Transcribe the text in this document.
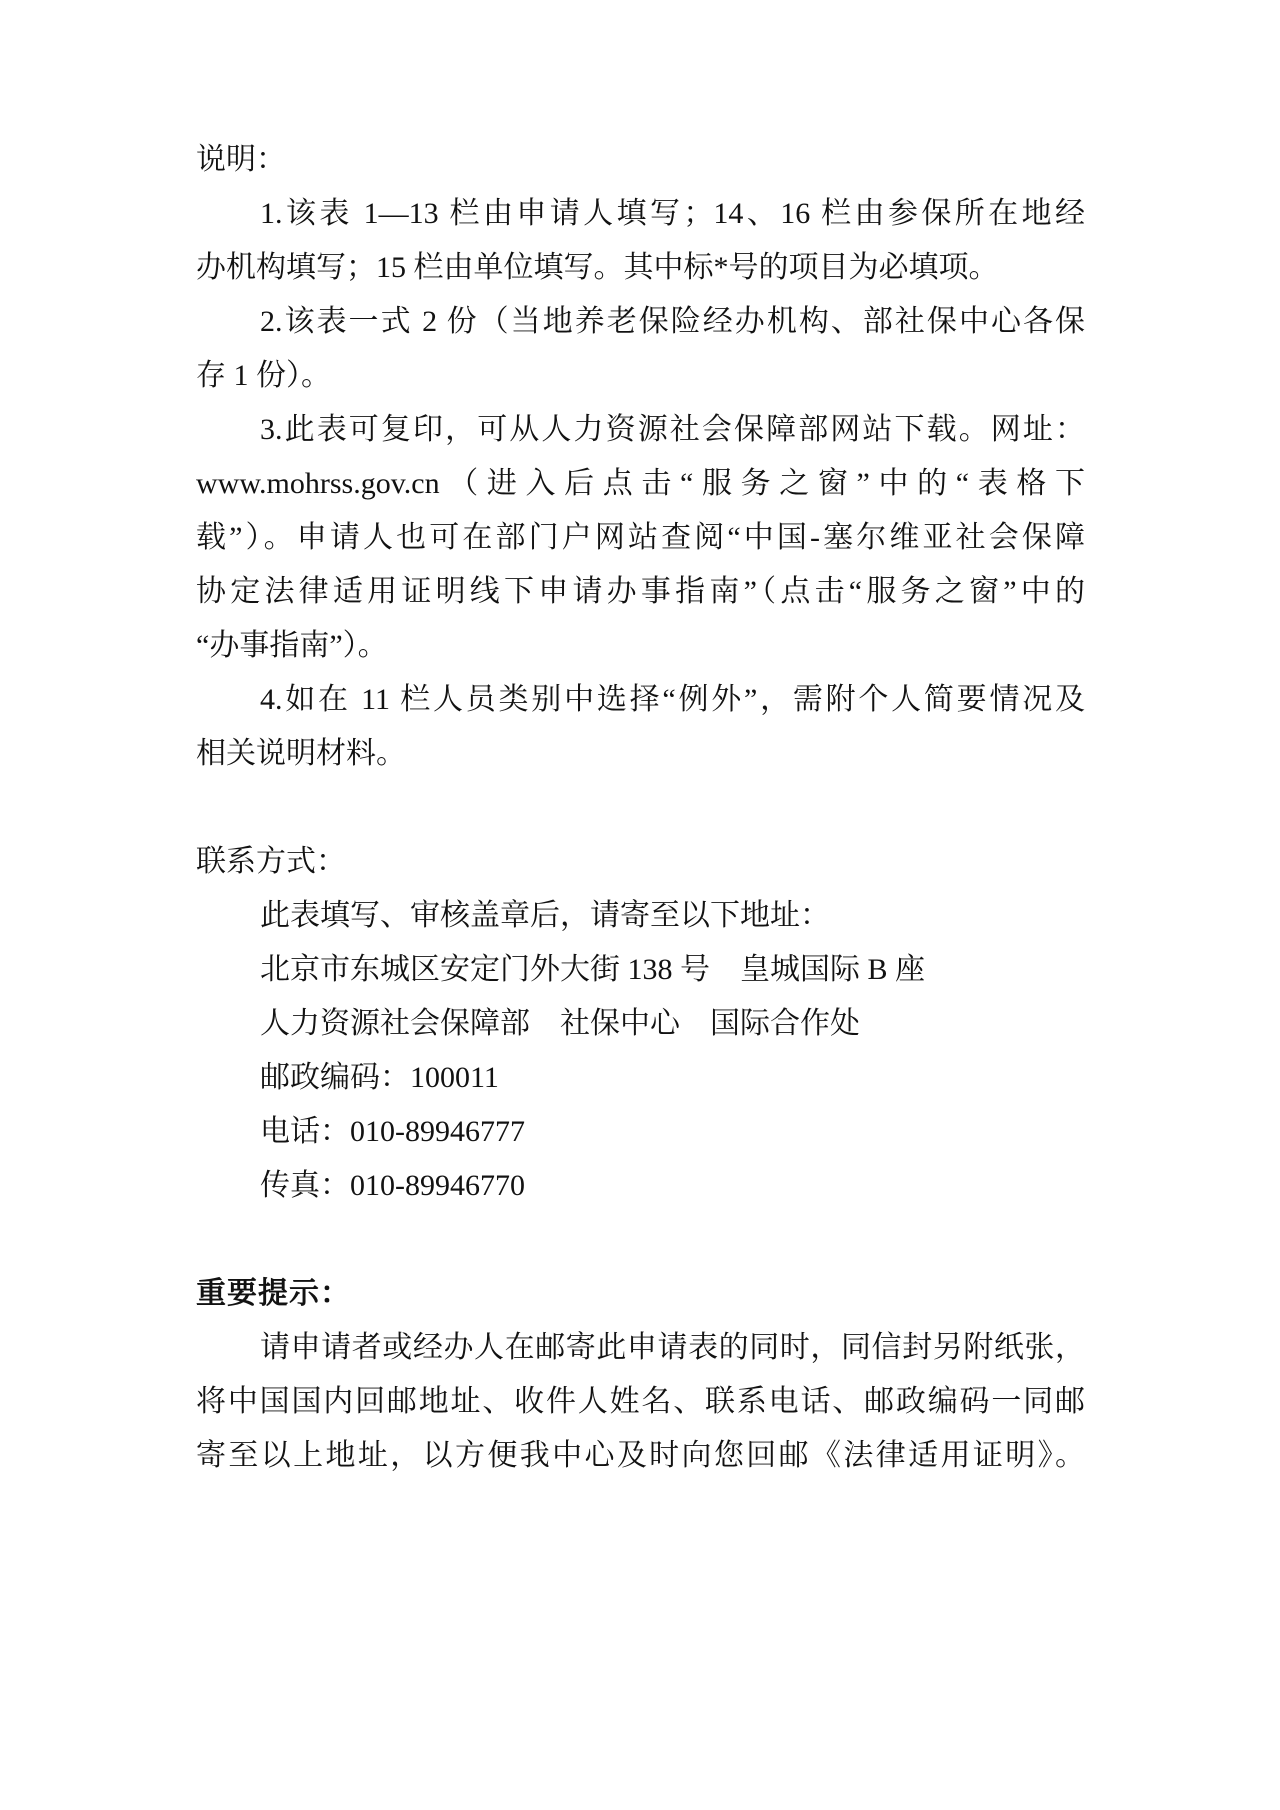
说明：
1.该表 1—13 栏由申请人填写；14、16 栏由参保所在地经
办机构填写；15 栏由单位填写。其中标*号的项目为必填项。
2.该表一式 2 份（当地养老保险经办机构、部社保中心各保
存 1 份）。
3.此表可复印，可从人力资源社会保障部网站下载。网址：
www.mohrss.gov.cn（进入后点击“服务之窗”中的“表格下
载”）。申请人也可在部门户网站查阅“中国-塞尔维亚社会保障
协定法律适用证明线下申请办事指南”（点击“服务之窗”中的
“办事指南”）。
4.如在 11 栏人员类别中选择“例外”，需附个人简要情况及
相关说明材料。
联系方式：
此表填写、审核盖章后，请寄至以下地址：
北京市东城区安定门外大街 138 号　皇城国际 B 座
人力资源社会保障部　社保中心　国际合作处
邮政编码：100011
电话：010-89946777
传真：010-89946770
重要提示：
请申请者或经办人在邮寄此申请表的同时，同信封另附纸张，
将中国国内回邮地址、收件人姓名、联系电话、邮政编码一同邮
寄至以上地址，以方便我中心及时向您回邮《法律适用证明》。
